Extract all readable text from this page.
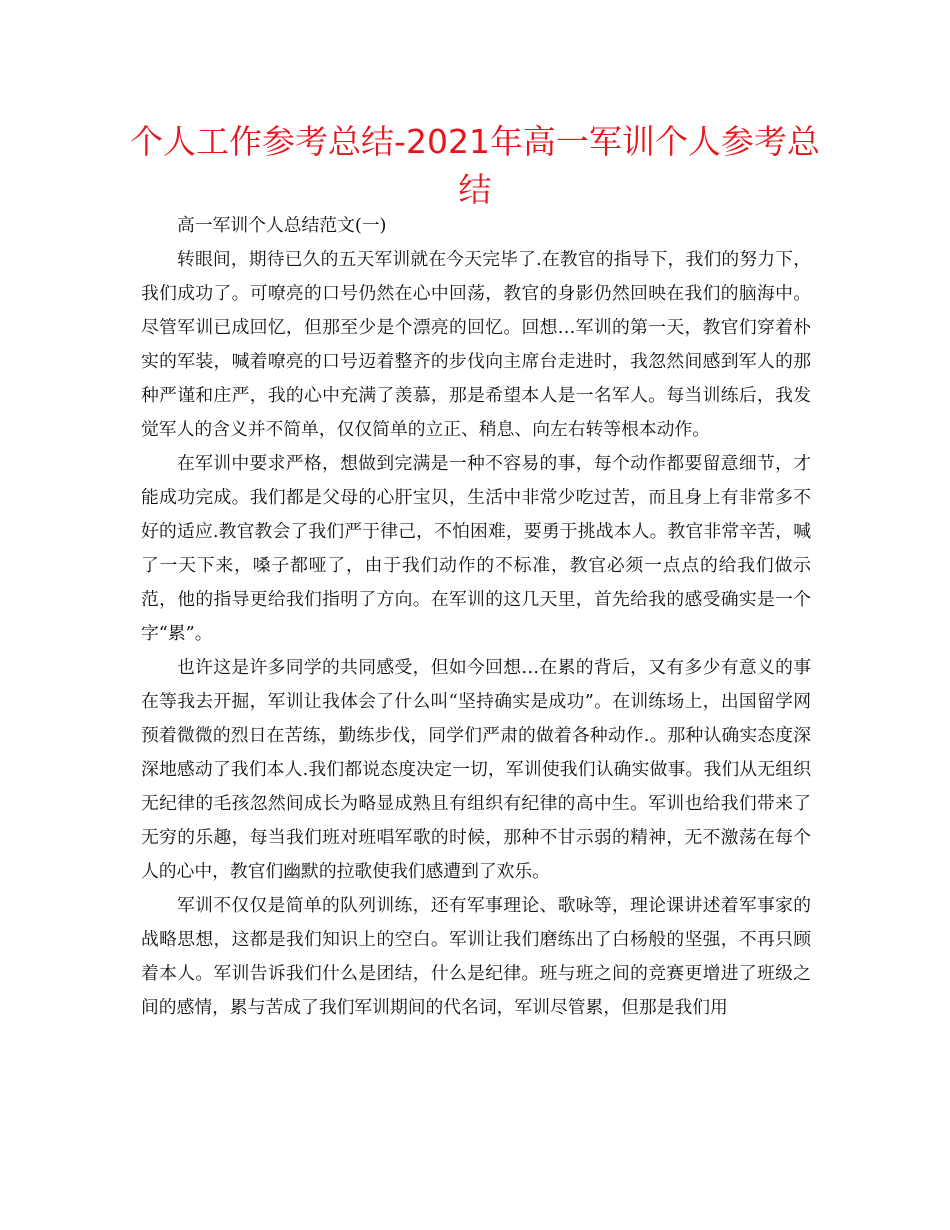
个人工作参考总结-2021年高一军训个人参考总结

高一军训个人总结范文(一)

转眼间，期待已久的五天军训就在今天完毕了.在教官的指导下，我们的努力下，我们成功了。可嘹亮的口号仍然在心中回荡，教官的身影仍然回映在我们的脑海中。尽管军训已成回忆，但那至少是个漂亮的回忆。回想…军训的第一天，教官们穿着朴实的军装，喊着嘹亮的口号迈着整齐的步伐向主席台走进时，我忽然间感到军人的那种严谨和庄严，我的心中充满了羡慕，那是希望本人是一名军人。每当训练后，我发觉军人的含义并不简单，仅仅简单的立正、稍息、向左右转等根本动作。

在军训中要求严格，想做到完满是一种不容易的事，每个动作都要留意细节，才能成功完成。我们都是父母的心肝宝贝，生活中非常少吃过苦，而且身上有非常多不好的适应.教官教会了我们严于律己，不怕困难，要勇于挑战本人。教官非常辛苦，喊了一天下来，嗓子都哑了，由于我们动作的不标准，教官必须一点点的给我们做示范，他的指导更给我们指明了方向。在军训的这几天里，首先给我的感受确实是一个字“累”。

也许这是许多同学的共同感受，但如今回想…在累的背后，又有多少有意义的事在等我去开掘，军训让我体会了什么叫“坚持确实是成功”。在训练场上，出国留学网预着微微的烈日在苦练，勤练步伐，同学们严肃的做着各种动作.。那种认确实态度深深地感动了我们本人.我们都说态度决定一切，军训使我们认确实做事。我们从无组织无纪律的毛孩忽然间成长为略显成熟且有组织有纪律的高中生。军训也给我们带来了无穷的乐趣，每当我们班对班唱军歌的时候，那种不甘示弱的精神，无不激荡在每个人的心中，教官们幽默的拉歌使我们感遭到了欢乐。

军训不仅仅是简单的队列训练，还有军事理论、歌咏等，理论课讲述着军事家的战略思想，这都是我们知识上的空白。军训让我们磨练出了白杨般的坚强，不再只顾着本人。军训告诉我们什么是团结，什么是纪律。班与班之间的竞赛更增进了班级之间的感情，累与苦成了我们军训期间的代名词，军训尽管累，但那是我们用
